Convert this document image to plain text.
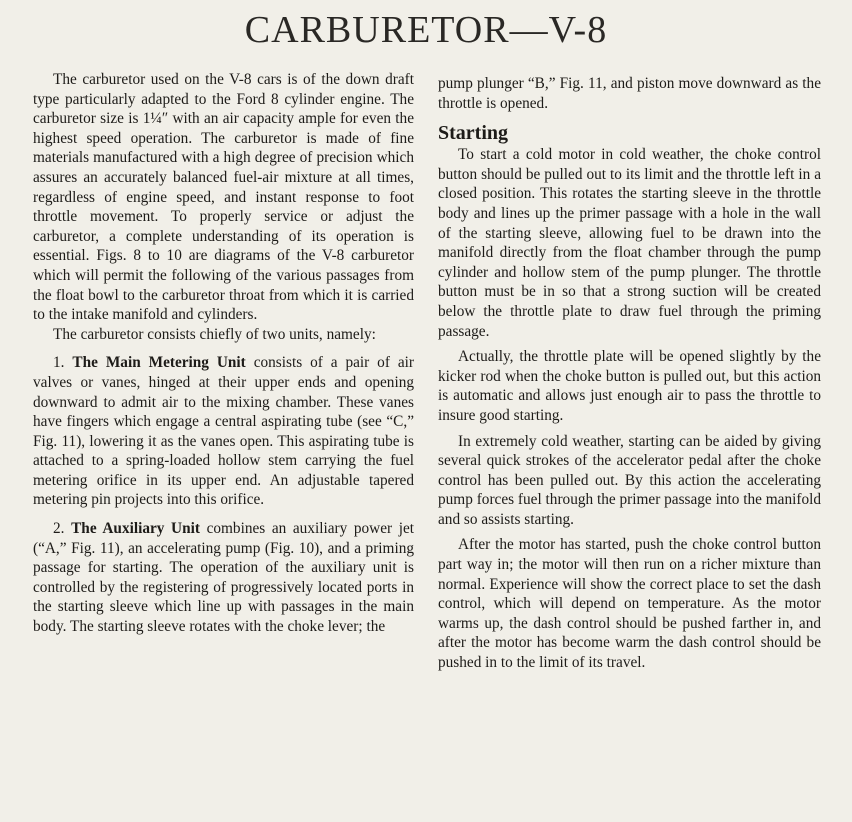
CARBURETOR—V-8

The carburetor used on the V-8 cars is of the down draft type particularly adapted to the Ford 8 cylinder engine. The carburetor size is 1¼″ with an air capacity ample for even the highest speed operation. The carburetor is made of fine materials manufactured with a high degree of precision which assures an accurately balanced fuel-air mixture at all times, regardless of engine speed, and instant response to foot throttle movement. To properly service or adjust the carburetor, a complete understanding of its operation is essential. Figs. 8 to 10 are diagrams of the V-8 carburetor which will permit the following of the various passages from the float bowl to the carburetor throat from which it is carried to the intake manifold and cylinders.

The carburetor consists chiefly of two units, namely:

1. The Main Metering Unit consists of a pair of air valves or vanes, hinged at their upper ends and opening downward to admit air to the mixing chamber. These vanes have fingers which engage a central aspirating tube (see “C,” Fig. 11), lowering it as the vanes open. This aspirating tube is attached to a spring-loaded hollow stem carrying the fuel metering orifice in its upper end. An adjustable tapered metering pin projects into this orifice.

2. The Auxiliary Unit combines an auxiliary power jet (“A,” Fig. 11), an accelerating pump (Fig. 10), and a priming passage for starting. The operation of the auxiliary unit is controlled by the registering of progressively located ports in the starting sleeve which line up with passages in the main body. The starting sleeve rotates with the choke lever; the

pump plunger “B,” Fig. 11, and piston move downward as the throttle is opened.

Starting

To start a cold motor in cold weather, the choke control button should be pulled out to its limit and the throttle left in a closed position. This rotates the starting sleeve in the throttle body and lines up the primer passage with a hole in the wall of the starting sleeve, allowing fuel to be drawn into the manifold directly from the float chamber through the pump cylinder and hollow stem of the pump plunger. The throttle button must be in so that a strong suction will be created below the throttle plate to draw fuel through the priming passage.

Actually, the throttle plate will be opened slightly by the kicker rod when the choke button is pulled out, but this action is automatic and allows just enough air to pass the throttle to insure good starting.

In extremely cold weather, starting can be aided by giving several quick strokes of the accelerator pedal after the choke control has been pulled out. By this action the accelerating pump forces fuel through the primer passage into the manifold and so assists starting.

After the motor has started, push the choke control button part way in; the motor will then run on a richer mixture than normal. Experience will show the correct place to set the dash control, which will depend on temperature. As the motor warms up, the dash control should be pushed farther in, and after the motor has become warm the dash control should be pushed in to the limit of its travel.
